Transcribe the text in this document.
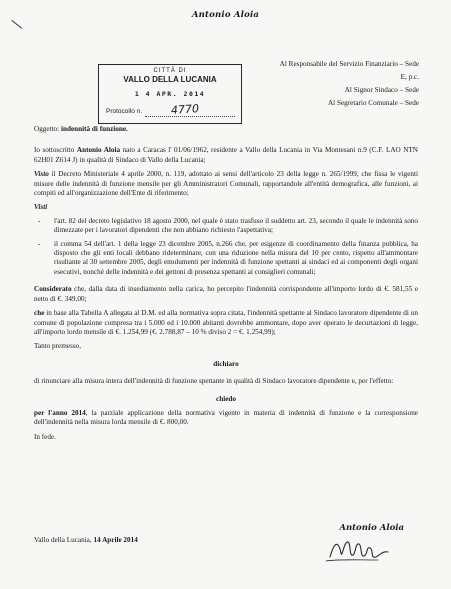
Antonio Aloia
CITTÀ DI
VALLO DELLA LUCANIA
1 4 APR. 2014
Protocollo n.	4770
Al Responsabile del Servizio Finanziario – Sede
E, p.c.
Al Signor Sindaco – Sede
Al Segretario Comunale – Sede

Oggetto: indennità di funzione.

Io sottoscritto Antonio Aloia nato a Caracas l' 01/06/1962, residente a Vallo della Lucania in Via Montesani n.9 (C.F. LAO NTN 62H01 Z614 J) in qualità di Sindaco di Vallo della Lucania;

Visto il Decreto Ministeriale 4 aprile 2000, n. 119, adottato ai sensi dell'articolo 23 della legge n. 265/1999, che fissa le vigenti misure delle indennità di funzione mensile per gli Amministratori Comunali, rapportandole all'entità demografica, alle funzioni, ai compiti ed all'organizzazione dell'Ente di riferimento;

Visti

- l'art. 82 del decreto legislativo 18 agosto 2000, nel quale è stato trasfuso il suddetto art. 23, secondo il quale le indennità sono dimezzate per i lavoratori dipendenti che non abbiano richiesto l'aspettativa;

- il comma 54 dell'art. 1 della legge 23 dicembre 2005, n.266 che, per esigenze di coordinamento della finanza pubblica, ha disposto che gli enti locali debbano rideterminare, con una riduzione nella misura del 10 per cento, rispetto all'ammontare risultante al 30 settembre 2005, degli emolumenti per indennità di funzione spettanti ai sindaci ed ai componenti degli organi esecutivi, nonché delle indennità e dei gettoni di presenza spettanti ai consiglieri comunali;

Considerato che, dalla data di insediamento nella carica, ho percepito l'indennità corrispondente all'importo lordo di €. 581,55 e netto di €. 349,00;

che in base alla Tabella A allegata al D.M. ed alla normativa sopra citata, l'indennità spettante al Sindaco lavoratore dipendente di un comune di popolazione compresa tra i 5.000 ed i 10.000 abitanti dovrebbe ammontare, dopo aver operato le decurtazioni di legge, all'importo lordo mensile di €. 1.254,99 (€. 2.788,87 – 10 % diviso 2 = €. 1.254,99);

Tanto premesso,

dichiaro

di rinunciare alla misura intera dell'indennità di funzione spettante in qualità di Sindaco lavoratore dipendente e, per l'effetto:

chiedo

per l'anno 2014, la parziale applicazione della normativa vigente in materia di indennità di funzione e la corresponsione dell'indennità nella misura lorda mensile di €. 800,00.

In fede.

Vallo della Lucania, 14 Aprile 2014
Antonio Aloia
